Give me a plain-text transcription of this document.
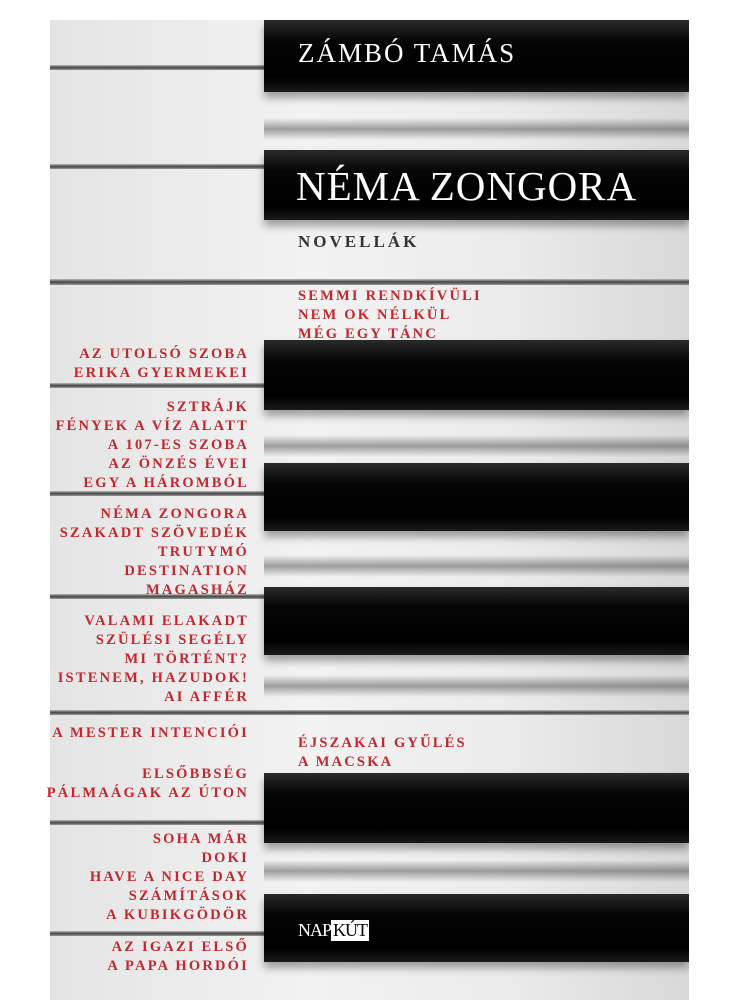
ZÁMBÓ TAMÁS
NÉMA ZONGORA
NOVELLÁK
SEMMI RENDKÍVÜLI
NEM OK NÉLKÜL
MÉG EGY TÁNC
AZ UTOLSÓ SZOBA
ERIKA GYERMEKEI
SZTRÁJK
FÉNYEK A VÍZ ALATT
A 107-ES SZOBA
AZ ÖNZÉS ÉVEI
EGY A HÁROMBÓL
NÉMA ZONGORA
SZAKADT SZÖVEDÉK
TRUTYMÓ
DESTINATION
MAGASHÁZ
VALAMI ELAKADT
SZÜLÉSI SEGÉLY
MI TÖRTÉNT?
ISTENEM, HAZUDOK!
AI AFFÉR
A MESTER INTENCIÓI
ÉJSZAKAI GYŰLÉS
A MACSKA
ELSŐBBSÉG
PÁLMAÁGAK AZ ÚTON
SOHA MÁR
DOKI
HAVE A NICE DAY
SZÁMÍTÁSOK
A KUBIKGÖDÖR
AZ IGAZI ELSŐ
A PAPA HORDÓI
NAP KÚT
